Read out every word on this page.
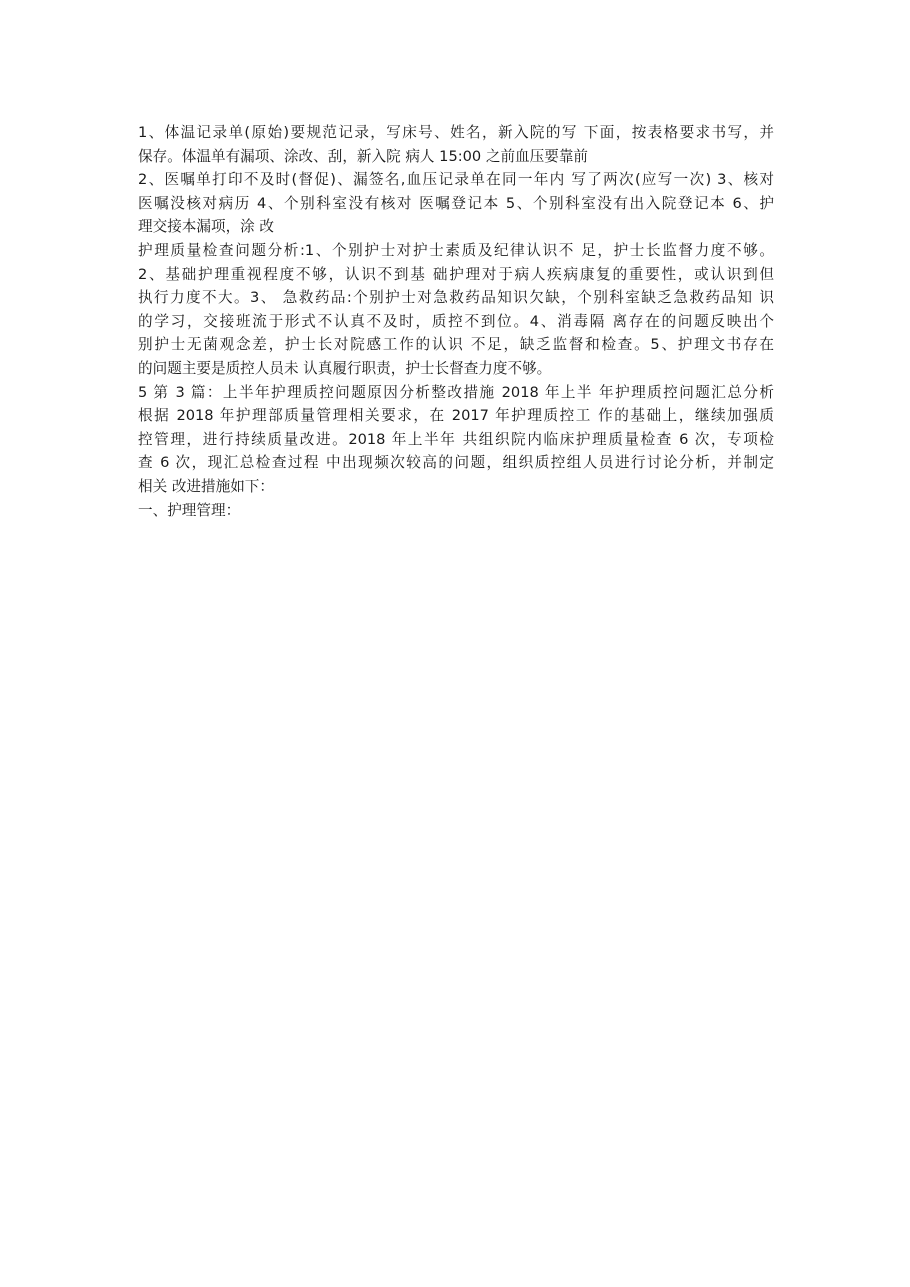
1、体温记录单(原始)要规范记录，写床号、姓名，新入院的写 下面，按表格要求书写，并
保存。体温单有漏项、涂改、刮，新入院 病人 15:00 之前血压要靠前
2、医嘱单打印不及时(督促)、漏签名,血压记录单在同一年内 写了两次(应写一次) 3、核对
医嘱没核对病历 4、个别科室没有核对 医嘱登记本 5、个别科室没有出入院登记本 6、护
理交接本漏项，涂 改
护理质量检查问题分析:1、个别护士对护士素质及纪律认识不 足，护士长监督力度不够。
2、基础护理重视程度不够，认识不到基 础护理对于病人疾病康复的重要性，或认识到但
执行力度不大。3、 急救药品:个别护士对急救药品知识欠缺，个别科室缺乏急救药品知 识
的学习，交接班流于形式不认真不及时，质控不到位。4、消毒隔 离存在的问题反映出个
别护士无菌观念差，护士长对院感工作的认识 不足，缺乏监督和检查。5、护理文书存在
的问题主要是质控人员未 认真履行职责，护士长督查力度不够。
5 第 3 篇：上半年护理质控问题原因分析整改措施 2018 年上半 年护理质控问题汇总分析
根据 2018 年护理部质量管理相关要求，在 2017 年护理质控工 作的基础上，继续加强质
控管理，进行持续质量改进。2018 年上半年 共组织院内临床护理质量检查 6 次，专项检
查 6 次，现汇总检查过程 中出现频次较高的问题，组织质控组人员进行讨论分析，并制定
相关 改进措施如下：
一、护理管理：
